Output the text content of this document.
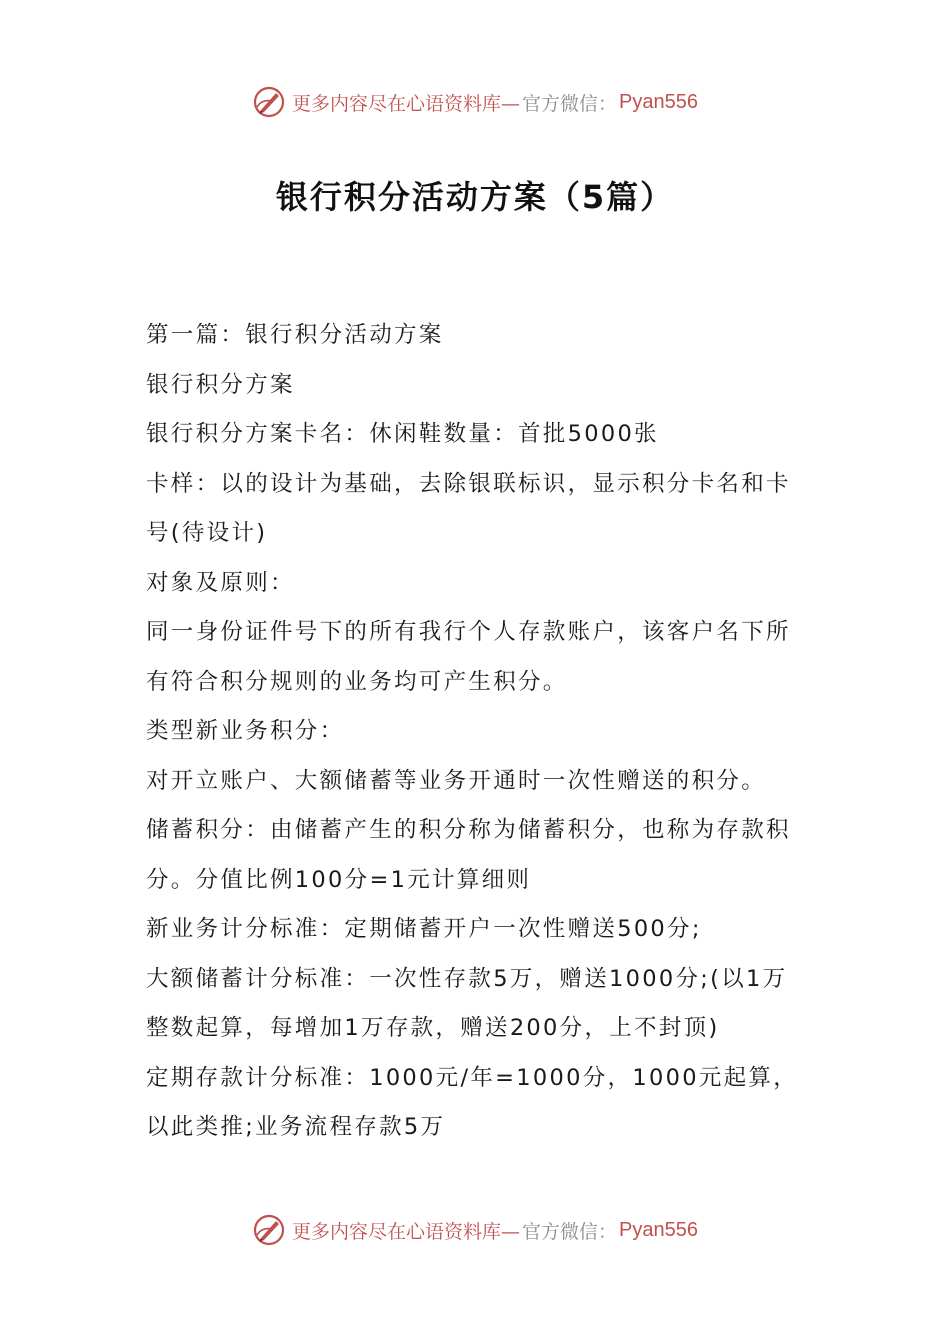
更多内容尽在心语资料库— 官方微信： Pyan556
银行积分活动方案（5篇）

第一篇：银行积分活动方案

银行积分方案

银行积分方案卡名：休闲鞋数量：首批5000张

卡样：以的设计为基础，去除银联标识，显示积分卡名和卡号(待设计)

对象及原则：

同一身份证件号下的所有我行个人存款账户，该客户名下所有符合积分规则的业务均可产生积分。

类型新业务积分：

对开立账户、大额储蓄等业务开通时一次性赠送的积分。

储蓄积分：由储蓄产生的积分称为储蓄积分，也称为存款积分。分值比例100分=1元计算细则

新业务计分标准：定期储蓄开户一次性赠送500分;

大额储蓄计分标准：一次性存款5万，赠送1000分;(以1万整数起算，每增加1万存款，赠送200分，上不封顶)

定期存款计分标准：1000元/年=1000分，1000元起算，以此类推;业务流程存款5万

更多内容尽在心语资料库— 官方微信： Pyan556
